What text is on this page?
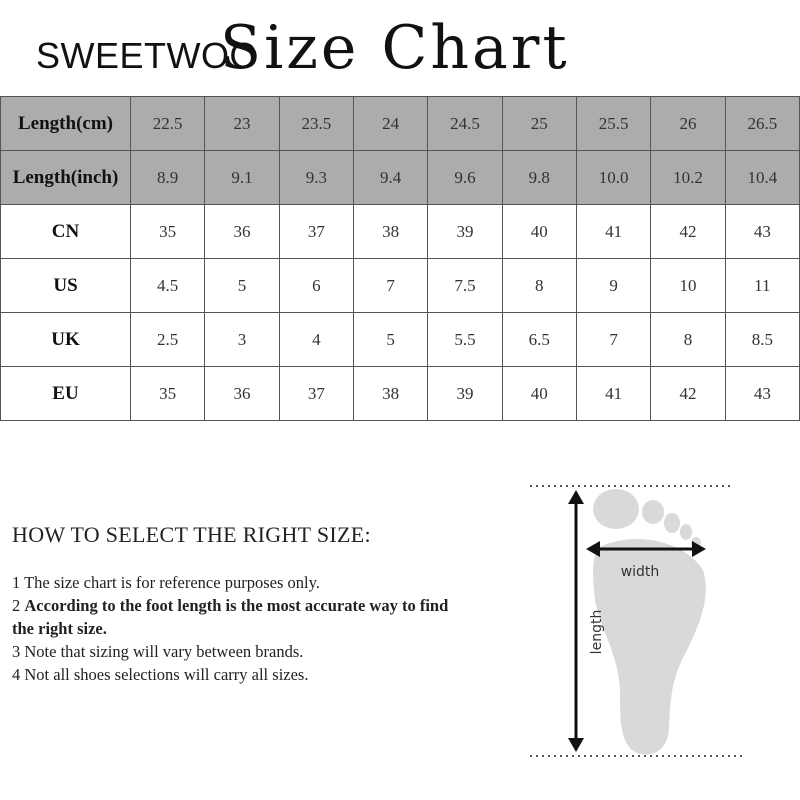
SWEETWOO
Size Chart
Length(cm)	22.5	23	23.5	24	24.5	25	25.5	26	26.5
Length(inch)	8.9	9.1	9.3	9.4	9.6	9.8	10.0	10.2	10.4
CN	35	36	37	38	39	40	41	42	43
US	4.5	5	6	7	7.5	8	9	10	11
UK	2.5	3	4	5	5.5	6.5	7	8	8.5
EU	35	36	37	38	39	40	41	42	43
HOW TO SELECT THE RIGHT SIZE:

1 The size chart is for reference purposes only.

2 According to the foot length is the most accurate way to find the right size.

3 Note that sizing will vary between brands.

4 Not all shoes selections will carry all sizes.

width
length
